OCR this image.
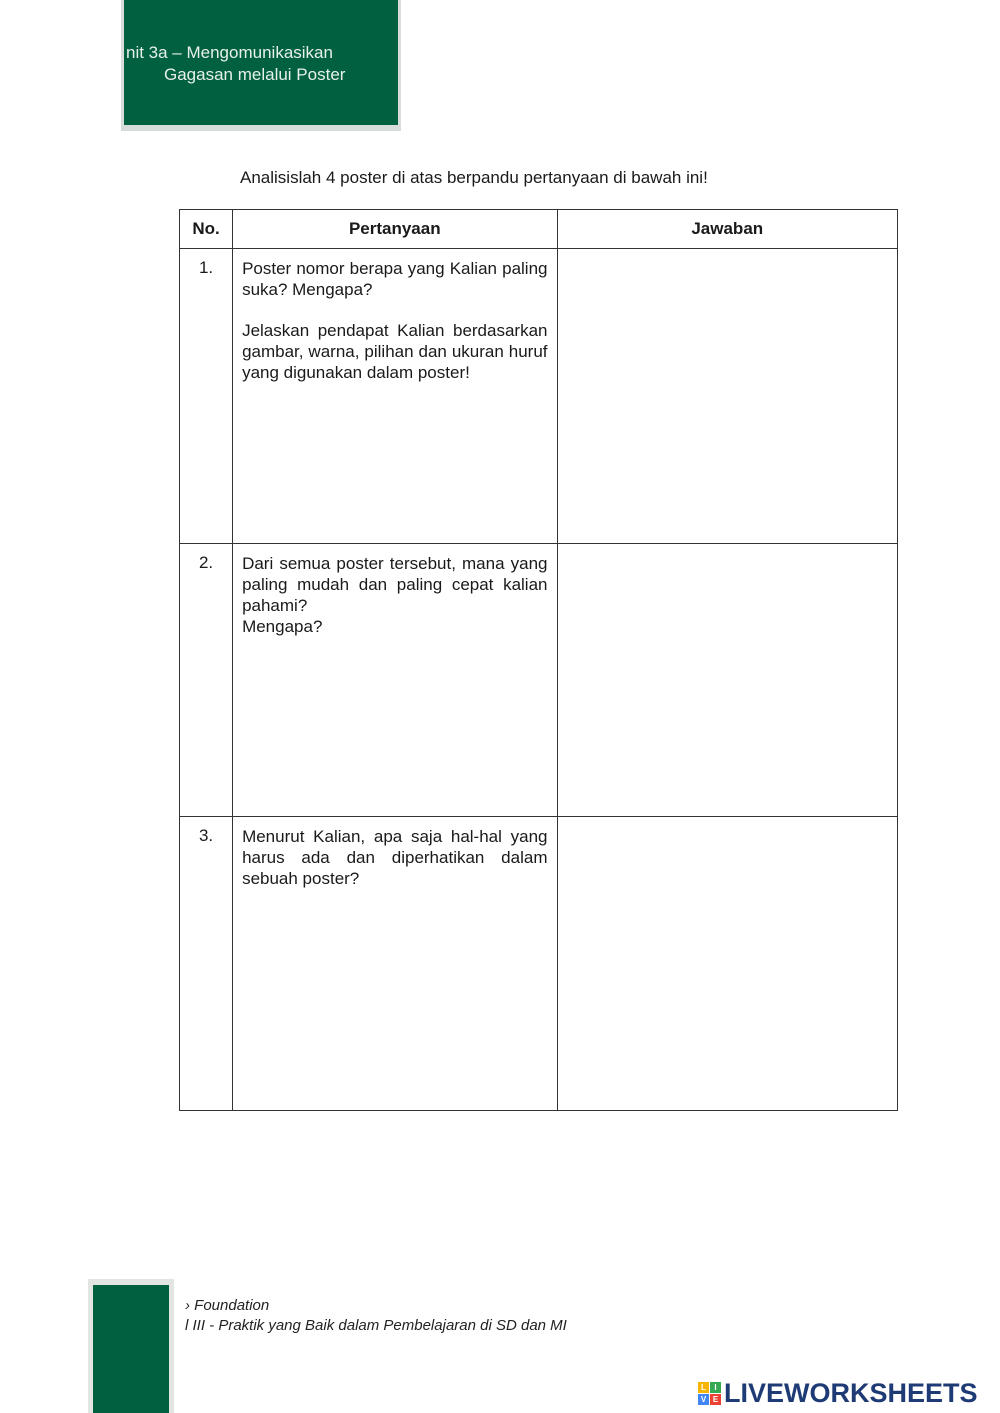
nit 3a – Mengomunikasikan
Gagasan melalui Poster
Analisislah 4 poster di atas berpandu pertanyaan di bawah ini!
No.	Pertanyaan	Jawaban
1.	Poster nomor berapa yang Kalian paling suka? Mengapa?

Jelaskan pendapat Kalian berdasarkan gambar, warna, pilihan dan ukuran huruf yang digunakan dalam poster!	

2.	Dari semua poster tersebut, mana yang paling mudah dan paling cepat kalian pahami?

Mengapa?	

3.	Menurut Kalian, apa saja hal-hal yang harus ada dan diperhatikan dalam sebuah poster?	

› Foundation
l III - Praktik yang Baik dalam Pembelajaran di SD dan MI
L	I
V E LIVEWORKSHEETS
